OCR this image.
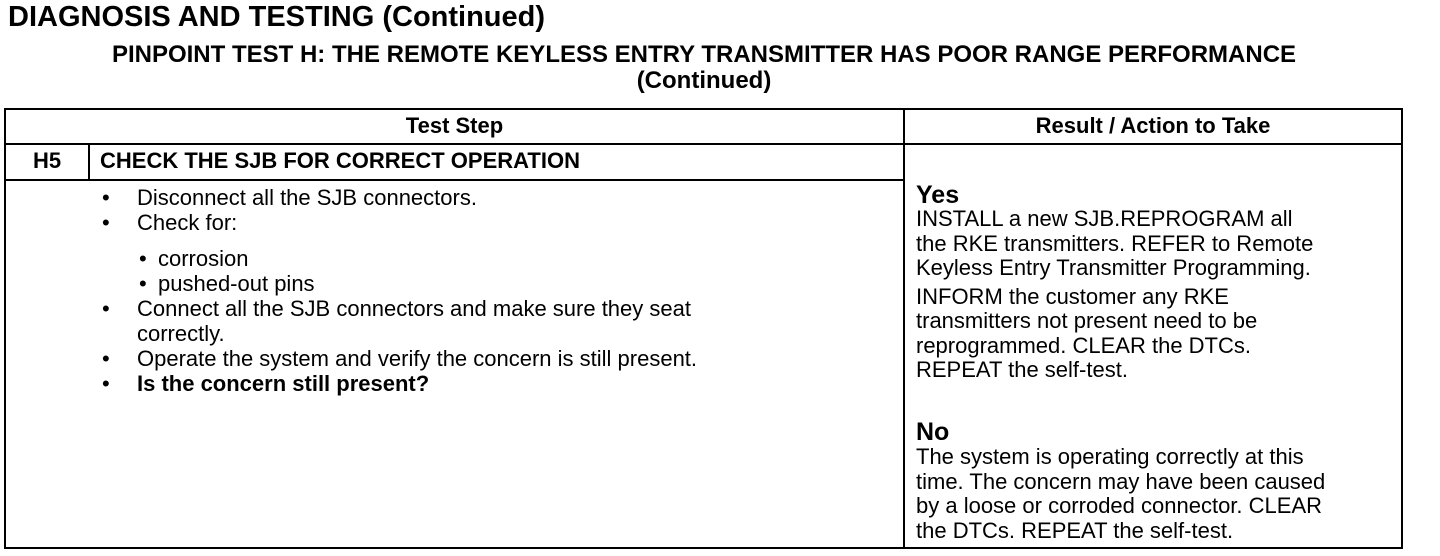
DIAGNOSIS AND TESTING (Continued)
PINPOINT TEST H: THE REMOTE KEYLESS ENTRY TRANSMITTER HAS POOR RANGE PERFORMANCE
(Continued)
Test Step	Result / Action to Take
H5	CHECK THE SJB FOR CORRECT OPERATION
• Disconnect all the SJB connectors.
• Check for:
• corrosion
• pushed-out pins
• Connect all the SJB connectors and make sure they seat
correctly.
• Operate the system and verify the concern is still present.
• Is the concern still present?
Yes
INSTALL a new SJB.REPROGRAM all
the RKE transmitters. REFER to Remote
Keyless Entry Transmitter Programming.
INFORM the customer any RKE
transmitters not present need to be
reprogrammed. CLEAR the DTCs.
REPEAT the self-test.
No
The system is operating correctly at this
time. The concern may have been caused
by a loose or corroded connector. CLEAR
the DTCs. REPEAT the self-test.
